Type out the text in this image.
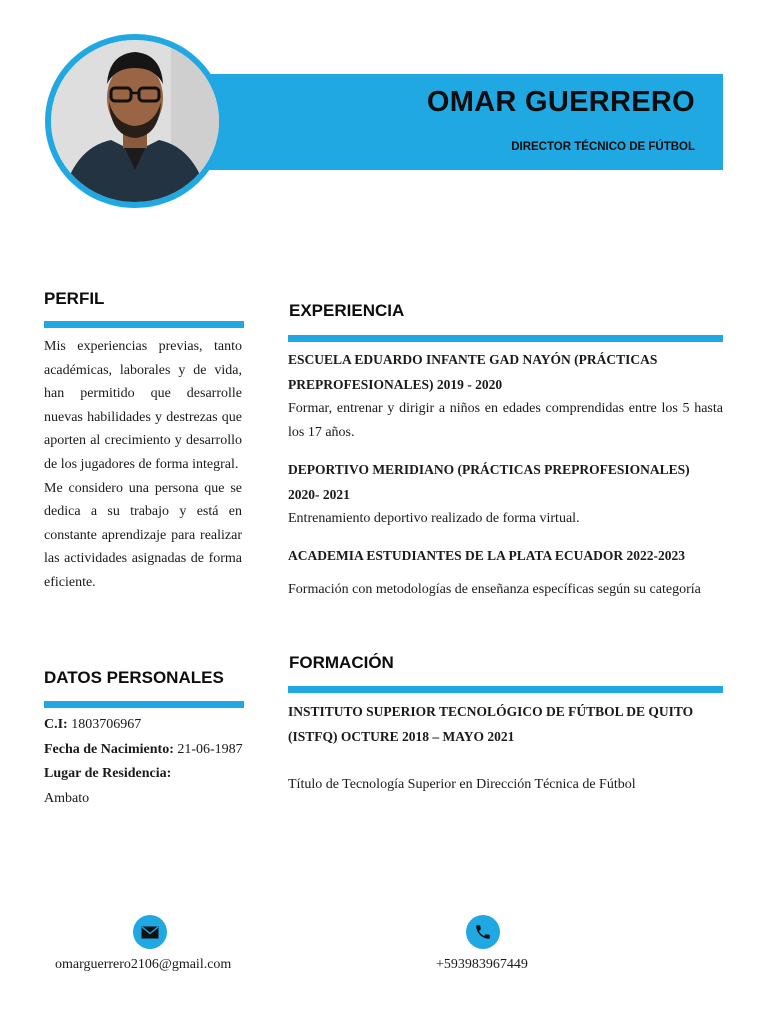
OMAR GUERRERO
DIRECTOR TÉCNICO DE FÚTBOL
PERFIL

Mis experiencias previas, tanto académicas, laborales y de vida, han permitido que desarrolle nuevas habilidades y destrezas que aporten al crecimiento y desarrollo de los jugadores de forma integral.

Me considero una persona que se dedica a su trabajo y está en constante aprendizaje para realizar las actividades asignadas de forma eficiente.

DATOS PERSONALES
C.I: 1803706967
Fecha de Nacimiento: 21-06-1987
Lugar de Residencia:
Ambato
EXPERIENCIA
ESCUELA EDUARDO INFANTE GAD NAYÓN (PRÁCTICAS PREPROFESIONALES) 2019 - 2020
Formar, entrenar y dirigir a niños en edades comprendidas entre los 5 hasta los 17 años.
DEPORTIVO MERIDIANO (PRÁCTICAS PREPROFESIONALES) 2020- 2021
Entrenamiento deportivo realizado de forma virtual.
ACADEMIA ESTUDIANTES DE LA PLATA ECUADOR 2022-2023
Formación con metodologías de enseñanza específicas según su categoría
FORMACIÓN
INSTITUTO SUPERIOR TECNOLÓGICO DE FÚTBOL DE QUITO (ISTFQ) OCTURE 2018 – MAYO 2021
Título de Tecnología Superior en Dirección Técnica de Fútbol
omarguerrero2106@gmail.com	+593983967449
